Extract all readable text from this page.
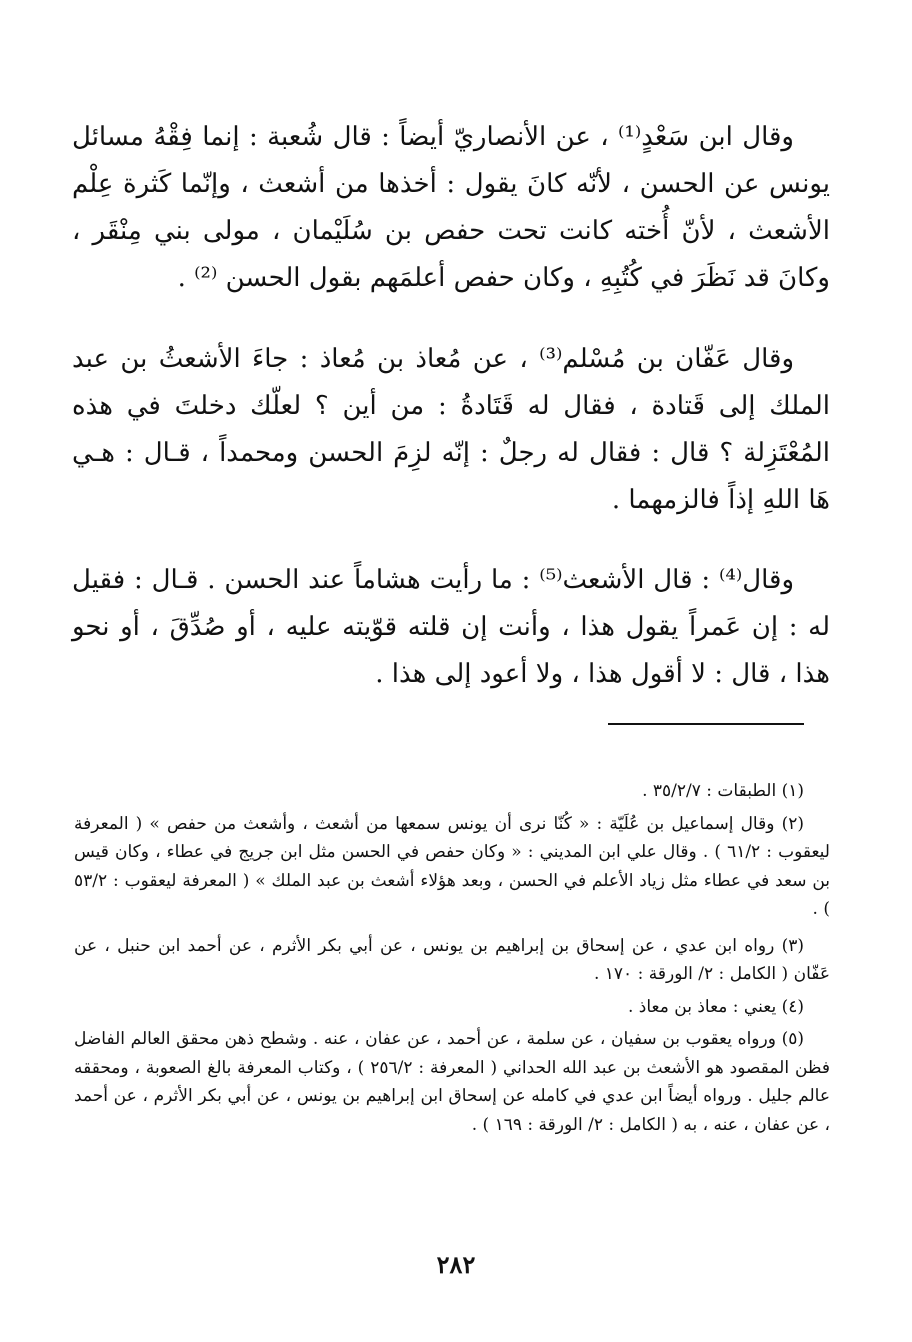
وقال ابن سَعْدٍ⁽¹⁾ ، عن الأنصاريّ أيضاً : قال شُعبة : إنما فِقْهُ مسائل يونس عن الحسن ، لأنّه كانَ يقول : أخذها من أشعث ، وإنّما كَثرة عِلْم الأشعث ، لأنّ أُخته كانت تحت حفص بن سُلَيْمان ، مولى بني مِنْقَر ، وكانَ قد نَظَرَ في كُتُبِهِ ، وكان حفص أعلمَهم بقول الحسن ⁽²⁾ .

وقال عَفّان بن مُسْلم⁽³⁾ ، عن مُعاذ بن مُعاذ : جاءَ الأشعثُ بن عبد الملك إلى قَتادة ، فقال له قَتَادةُ : من أين ؟ لعلّك دخلتَ في هذه المُعْتَزِلة ؟ قال : فقال له رجلٌ : إنّه لزِمَ الحسن ومحمداً ، قـال : هـي هَا اللهِ إذاً فالزمهما .

وقال⁽⁴⁾ : قال الأشعث⁽⁵⁾ : ما رأيت هشاماً عند الحسن . قـال : فقيل له : إن عَمراً يقول هذا ، وأنت إن قلته قوّيته عليه ، أو صُدِّقَ ، أو نحو هذا ، قال : لا أقول هذا ، ولا أعود إلى هذا .

(١) الطبقات : ٣٥/٢/٧ .

(٢) وقال إسماعيل بن عُلَيّة : « كُنّا نرى أن يونس سمعها من أشعث ، وأشعث من حفص » ( المعرفة ليعقوب : ٦١/٢ ) . وقال علي ابن المديني : « وكان حفص في الحسن مثل ابن جريج في عطاء ، وكان قيس بن سعد في عطاء مثل زياد الأعلم في الحسن ، وبعد هؤلاء أشعث بن عبد الملك » ( المعرفة ليعقوب : ٥٣/٢ ) .

(٣) رواه ابن عدي ، عن إسحاق بن إبراهيم بن يونس ، عن أبي بكر الأثرم ، عن أحمد ابن حنبل ، عن عَفّان ( الكامل : ٢/ الورقة : ١٧٠ .

(٤) يعني : معاذ بن معاذ .

(٥) ورواه يعقوب بن سفيان ، عن سلمة ، عن أحمد ، عن عفان ، عنه . وشطح ذهن محقق العالم الفاضل فظن المقصود هو الأشعث بن عبد الله الحداني ( المعرفة : ٢٥٦/٢ ) ، وكتاب المعرفة بالغ الصعوبة ، ومحققه عالم جليل . ورواه أيضاً ابن عدي في كامله عن إسحاق ابن إبراهيم بن يونس ، عن أبي بكر الأثرم ، عن أحمد ، عن عفان ، عنه ، به ( الكامل : ٢/ الورقة : ١٦٩ ) .

٢٨٢
